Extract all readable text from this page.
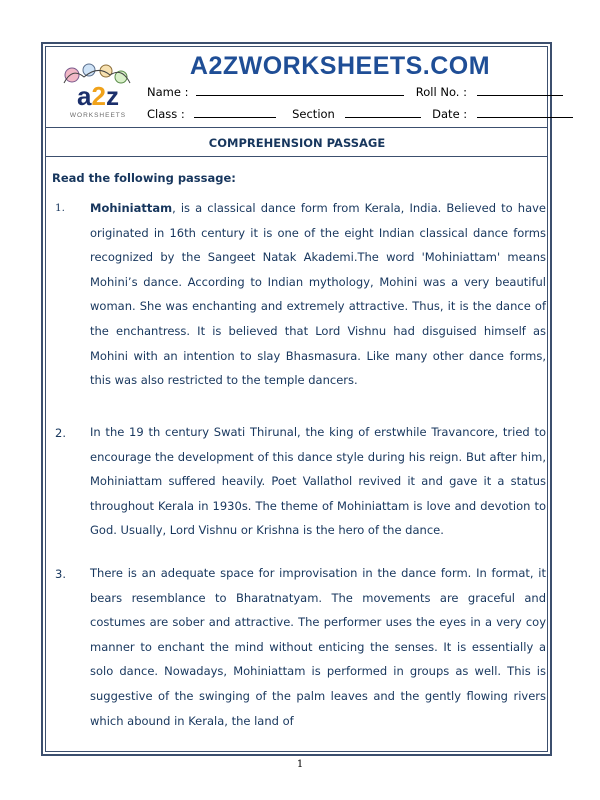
a2z
WORKSHEETS
A2ZWORKSHEETS.COM
Name :	Roll No. :
Class :	Section	Date :
COMPREHENSION PASSAGE
Read the following passage:
1. Mohiniattam, is a classical dance form from Kerala, India. Believed to have originated in 16th century it is one of the eight Indian classical dance forms recognized by the Sangeet Natak Akademi.The word 'Mohiniattam' means Mohini’s dance. According to Indian mythology, Mohini was a very beautiful woman. She was enchanting and extremely attractive. Thus, it is the dance of the enchantress. It is believed that Lord Vishnu had disguised himself as Mohini with an intention to slay Bhasmasura. Like many other dance forms, this was also restricted to the temple dancers.
2. In the 19 th century Swati Thirunal, the king of erstwhile Travancore, tried to encourage the development of this dance style during his reign. But after him, Mohiniattam suffered heavily. Poet Vallathol revived it and gave it a status throughout Kerala in 1930s. The theme of Mohiniattam is love and devotion to God. Usually, Lord Vishnu or Krishna is the hero of the dance.
3. There is an adequate space for improvisation in the dance form. In format, it bears resemblance to Bharatnatyam. The movements are graceful and costumes are sober and attractive. The performer uses the eyes in a very coy manner to enchant the mind without enticing the senses. It is essentially a solo dance. Nowadays, Mohiniattam is performed in groups as well. This is suggestive of the swinging of the palm leaves and the gently flowing rivers which abound in Kerala, the land of
1
